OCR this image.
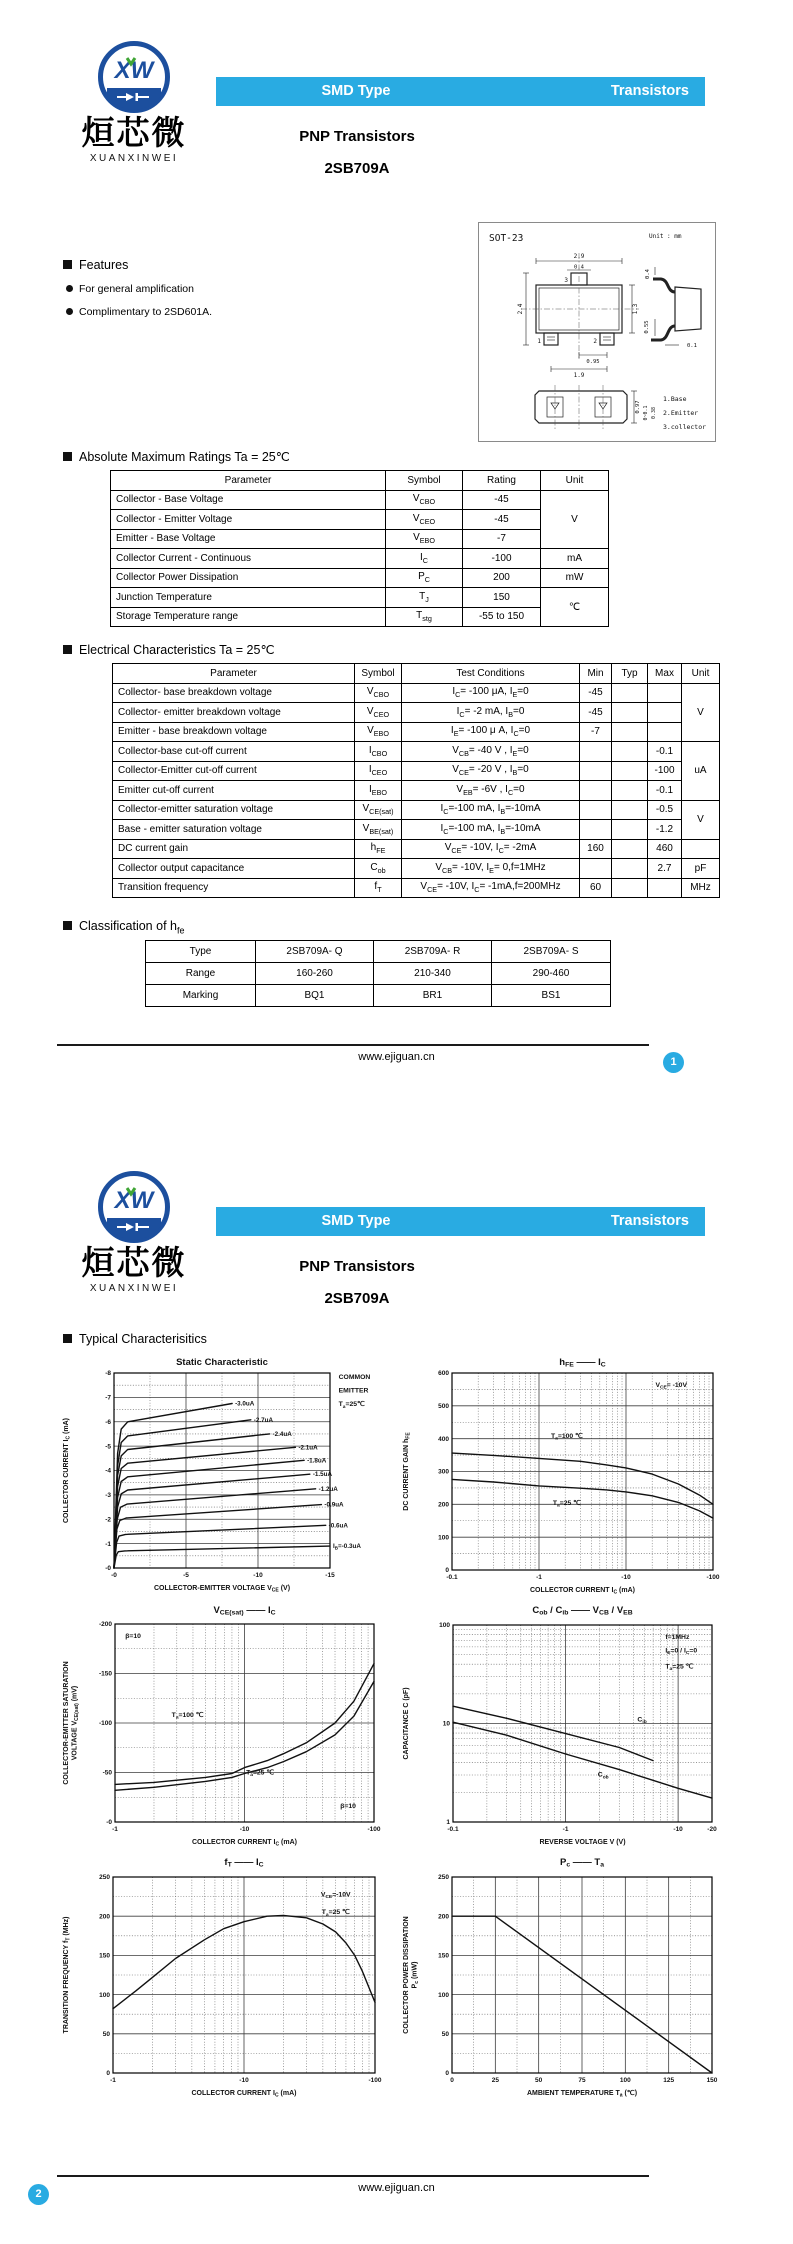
XW
烜芯微
XUANXINWEI
SMD Type	Transistors
PNP Transistors
2SB709A
Features
For general amplification
Complimentary to 2SD601A.
SOT-23	Unit : mm
2.9
0.4
3
1	2
2.4	1.3
0.95
1.9
0.4
0.55
0.1
0.97 0~0.1 0.38
1.Base
2.Emitter
3.collector
Absolute Maximum Ratings Ta = 25℃
Parameter	Symbol	Rating	Unit
Collector - Base Voltage	$V_{CBO}$	-45	V
Collector - Emitter Voltage	$V_{CEO}$	-45	
Emitter - Base Voltage	$V_{EBO}$	-7	
Collector Current - Continuous	$I_C$	-100	mA
Collector Power Dissipation	$P_C$	200	mW
Junction Temperature	$T_J$	150	℃
Storage Temperature range	$T_{stg}$	-55 to 150	
Electrical Characteristics Ta = 25℃
Parameter	Symbol	Test Conditions	Min	Typ	Max	Unit
Collector- base breakdown voltage	$V_{CBO}$	$I_C= -100$ μA, $I_E=0$	-45			V
Collector- emitter breakdown voltage	$V_{CEO}$	$I_C= -2$ mA, $I_B=0$	-45			
Emitter - base breakdown voltage	$V_{EBO}$	$I_E= -100$ μ A, $I_C=0$	-7			
Collector-base cut-off current	$I_{CBO}$	$V_{CB}= -40$ V , $I_E=0$			-0.1	uA
Collector-Emitter cut-off current	$I_{CEO}$	$V_{CE}= -20$ V , $I_B=0$			-100	
Emitter cut-off current	$I_{EBO}$	$V_{EB}= -6V$ , $I_C=0$			-0.1	
Collector-emitter saturation voltage	$V_{CE(sat)}$	$I_C=-100$ mA, $I_B=-10mA$			-0.5	V
Base - emitter saturation voltage	$V_{BE(sat)}$	$I_C=-100$ mA, $I_B=-10mA$			-1.2	
DC current gain	$h_{FE}$	$V_{CE}= -10V$, $I_C= -2mA$	160		460	
Collector output capacitance	$C_{ob}$	$V_{CB}= -10V$, $I_E= 0,f=1MHz$			2.7	pF
Transition frequency	$f_T$	$V_{CE}= -10V$, $I_C= -1mA,f=200MHz$	60			MHz
Classification of $h_{fe}$
Type	2SB709A- Q	2SB709A- R	2SB709A- S
Range	160-260	210-340	290-460
Marking	BQ1	BR1	BS1
www.ejiguan.cn	1
XW
烜芯微
XUANXINWEI
SMD Type	Transistors
PNP Transistors
2SB709A
Typical Characterisitics
-0	-5	-10	-15
-0
-1
-2
-3
-4
-5
-6
-7
-8
-3.0uA
-2.7uA
-2.4uA
-2.1uA
-1.8uA
-1.5uA
-1.2uA
-0.9uA
-0.6uA
$I_B=-0.3uA$
COMMON
EMITTER
$T_a=25℃$
COLLECTOR-EMITTER VOLTAGE $V_{CE}$ (V)
COLLECTOR CURRENT $I_C$ (mA)
Static Characteristic
-0.1	-1	-10	-100
0
100
200
300
400
500
600
$V_{CE}= -10V$
$T_a=100$ ℃
$T_a=25$ ℃
COLLECTOR CURRENT $I_C$ (mA)
DC CURRENT GAIN $h_{FE}$
hFE ―― IC
-1	-10	-100
-0
-50
-100
-150
-200
β=10
$T_a=100$ ℃
$T_a=25$ ℃
β=10
COLLECTOR CURRENT $I_C$ (mA)
COLLECTOR-EMITTER SATURATION VOLTAGE $V_{CE(sat)}$ (mV)
VCE(sat) ―― IC
-0.1	-1	-10	-20
1
10
100
f=1MHz
$I_E=0 / I_C=0$
$T_a=25$ ℃
$C_{ib}$
$C_{ob}$
REVERSE VOLTAGE V (V)
CAPACITANCE C (pF)
Cob / Cib ―― VCB / VEB
-1	-10	-100
0
50
100
150
200
250
$V_{CE}=-10V$
$T_a=25$ ℃
COLLECTOR CURRENT $I_C$ (mA)
TRANSITION FREQUENCY $f_T$ (MHz)
fT ―― IC
0	25	50	75	100	125	150
0
50
100
150
200
250
AMBIENT TEMPERATURE $T_a$ (℃)
COLLECTOR POWER DISSIPATION $P_c$ (mW)
Pc ―― Ta
www.ejiguan.cn
2
